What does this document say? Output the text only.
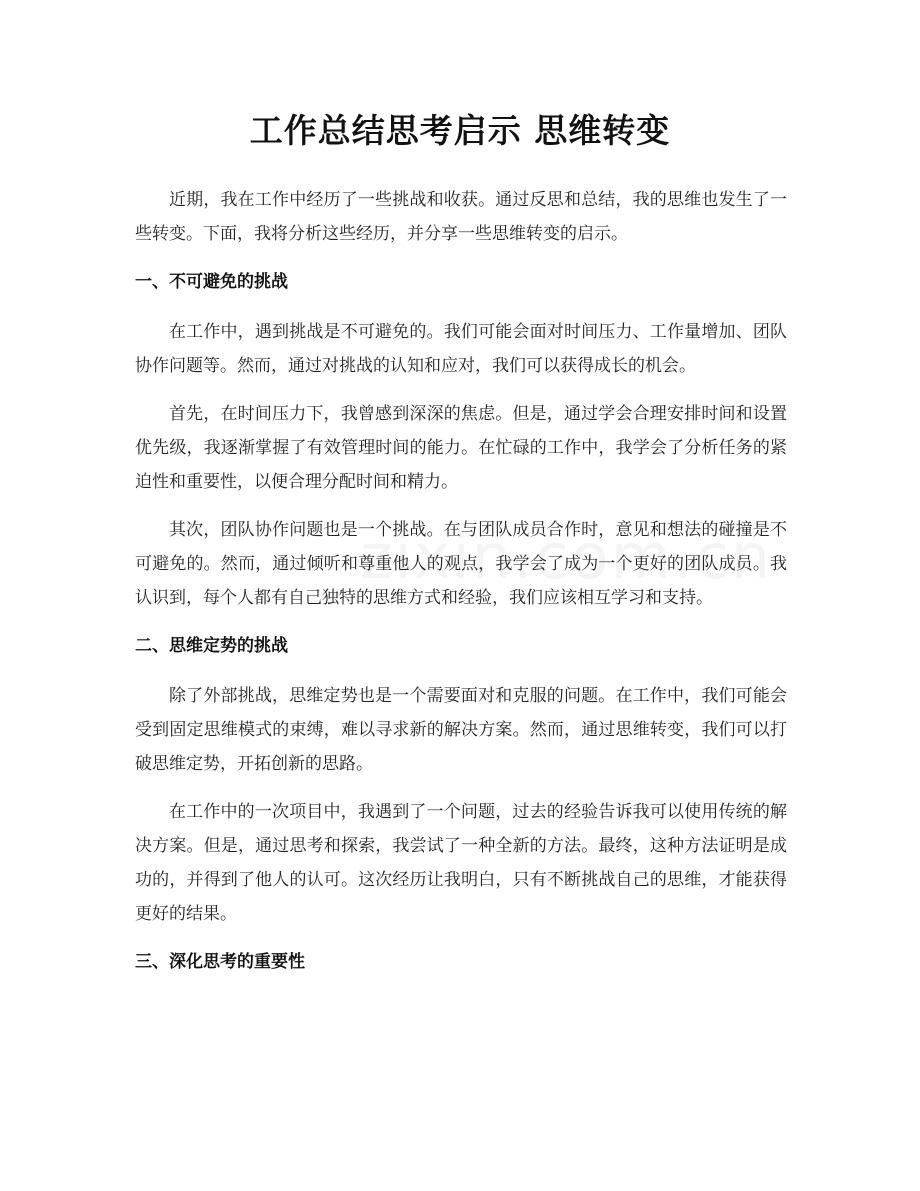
工作总结思考启示 思维转变

近期，我在工作中经历了一些挑战和收获。通过反思和总结，我的思维也发生了一些转变。下面，我将分析这些经历，并分享一些思维转变的启示。

一、不可避免的挑战

在工作中，遇到挑战是不可避免的。我们可能会面对时间压力、工作量增加、团队协作问题等。然而，通过对挑战的认知和应对，我们可以获得成长的机会。

首先，在时间压力下，我曾感到深深的焦虑。但是，通过学会合理安排时间和设置优先级，我逐渐掌握了有效管理时间的能力。在忙碌的工作中，我学会了分析任务的紧迫性和重要性，以便合理分配时间和精力。

其次，团队协作问题也是一个挑战。在与团队成员合作时，意见和想法的碰撞是不可避免的。然而，通过倾听和尊重他人的观点，我学会了成为一个更好的团队成员。我认识到，每个人都有自己独特的思维方式和经验，我们应该相互学习和支持。

二、思维定势的挑战

除了外部挑战，思维定势也是一个需要面对和克服的问题。在工作中，我们可能会受到固定思维模式的束缚，难以寻求新的解决方案。然而，通过思维转变，我们可以打破思维定势，开拓创新的思路。

在工作中的一次项目中，我遇到了一个问题，过去的经验告诉我可以使用传统的解决方案。但是，通过思考和探索，我尝试了一种全新的方法。最终，这种方法证明是成功的，并得到了他人的认可。这次经历让我明白，只有不断挑战自己的思维，才能获得更好的结果。

三、深化思考的重要性
